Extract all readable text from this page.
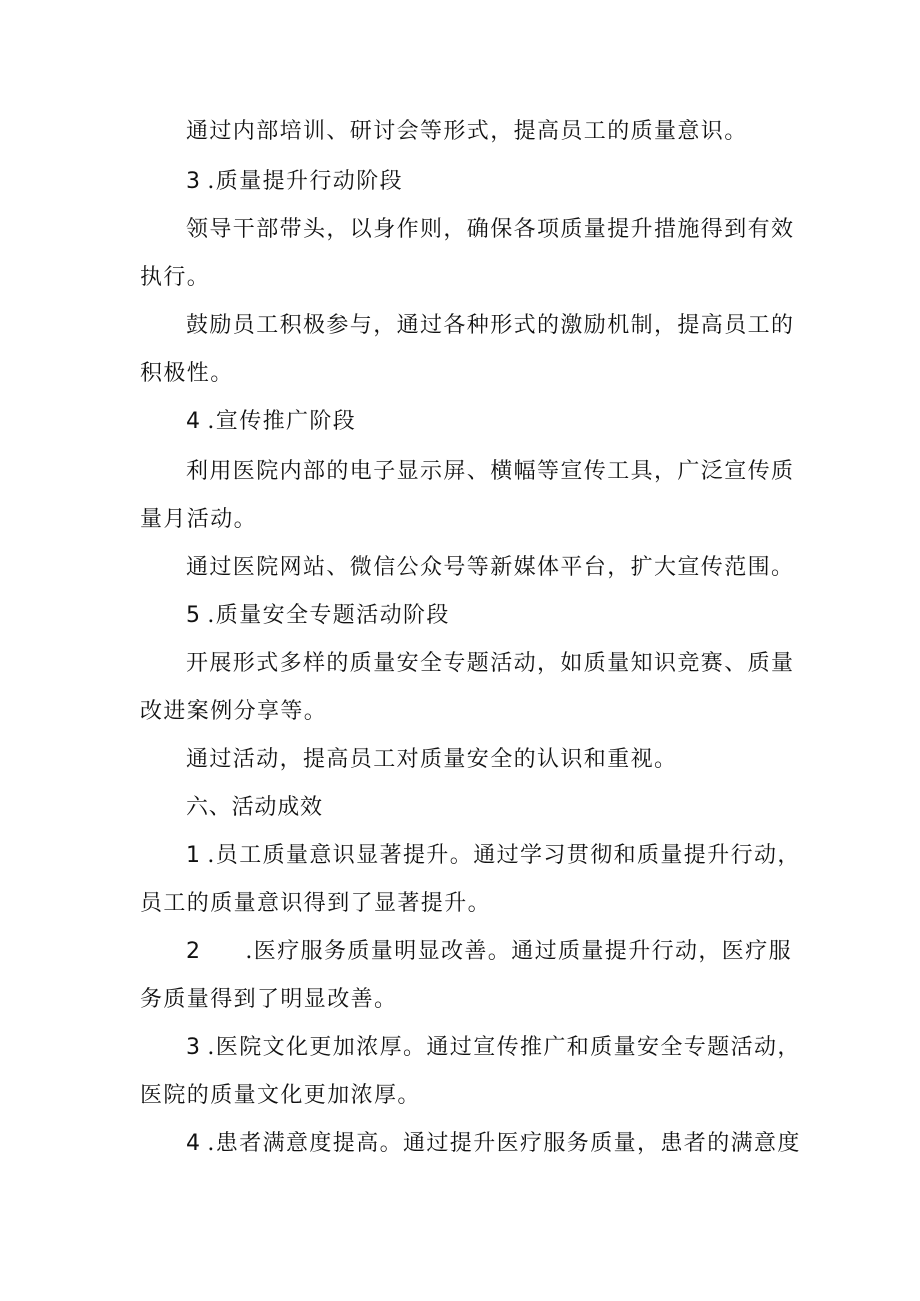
通过内部培训、研讨会等形式，提高员工的质量意识。
3 .质量提升行动阶段
领导干部带头，以身作则，确保各项质量提升措施得到有效
执行。
鼓励员工积极参与，通过各种形式的激励机制，提高员工的
积极性。
4 .宣传推广阶段
利用医院内部的电子显示屏、横幅等宣传工具，广泛宣传质
量月活动。
通过医院网站、微信公众号等新媒体平台，扩大宣传范围。
5 .质量安全专题活动阶段
开展形式多样的质量安全专题活动，如质量知识竞赛、质量
改进案例分享等。
通过活动，提高员工对质量安全的认识和重视。
六、活动成效
1 .员工质量意识显著提升。通过学习贯彻和质量提升行动，
员工的质量意识得到了显著提升。
2 .医疗服务质量明显改善。通过质量提升行动，医疗服
务质量得到了明显改善。
3 .医院文化更加浓厚。通过宣传推广和质量安全专题活动，
医院的质量文化更加浓厚。
4 .患者满意度提高。通过提升医疗服务质量，患者的满意度
